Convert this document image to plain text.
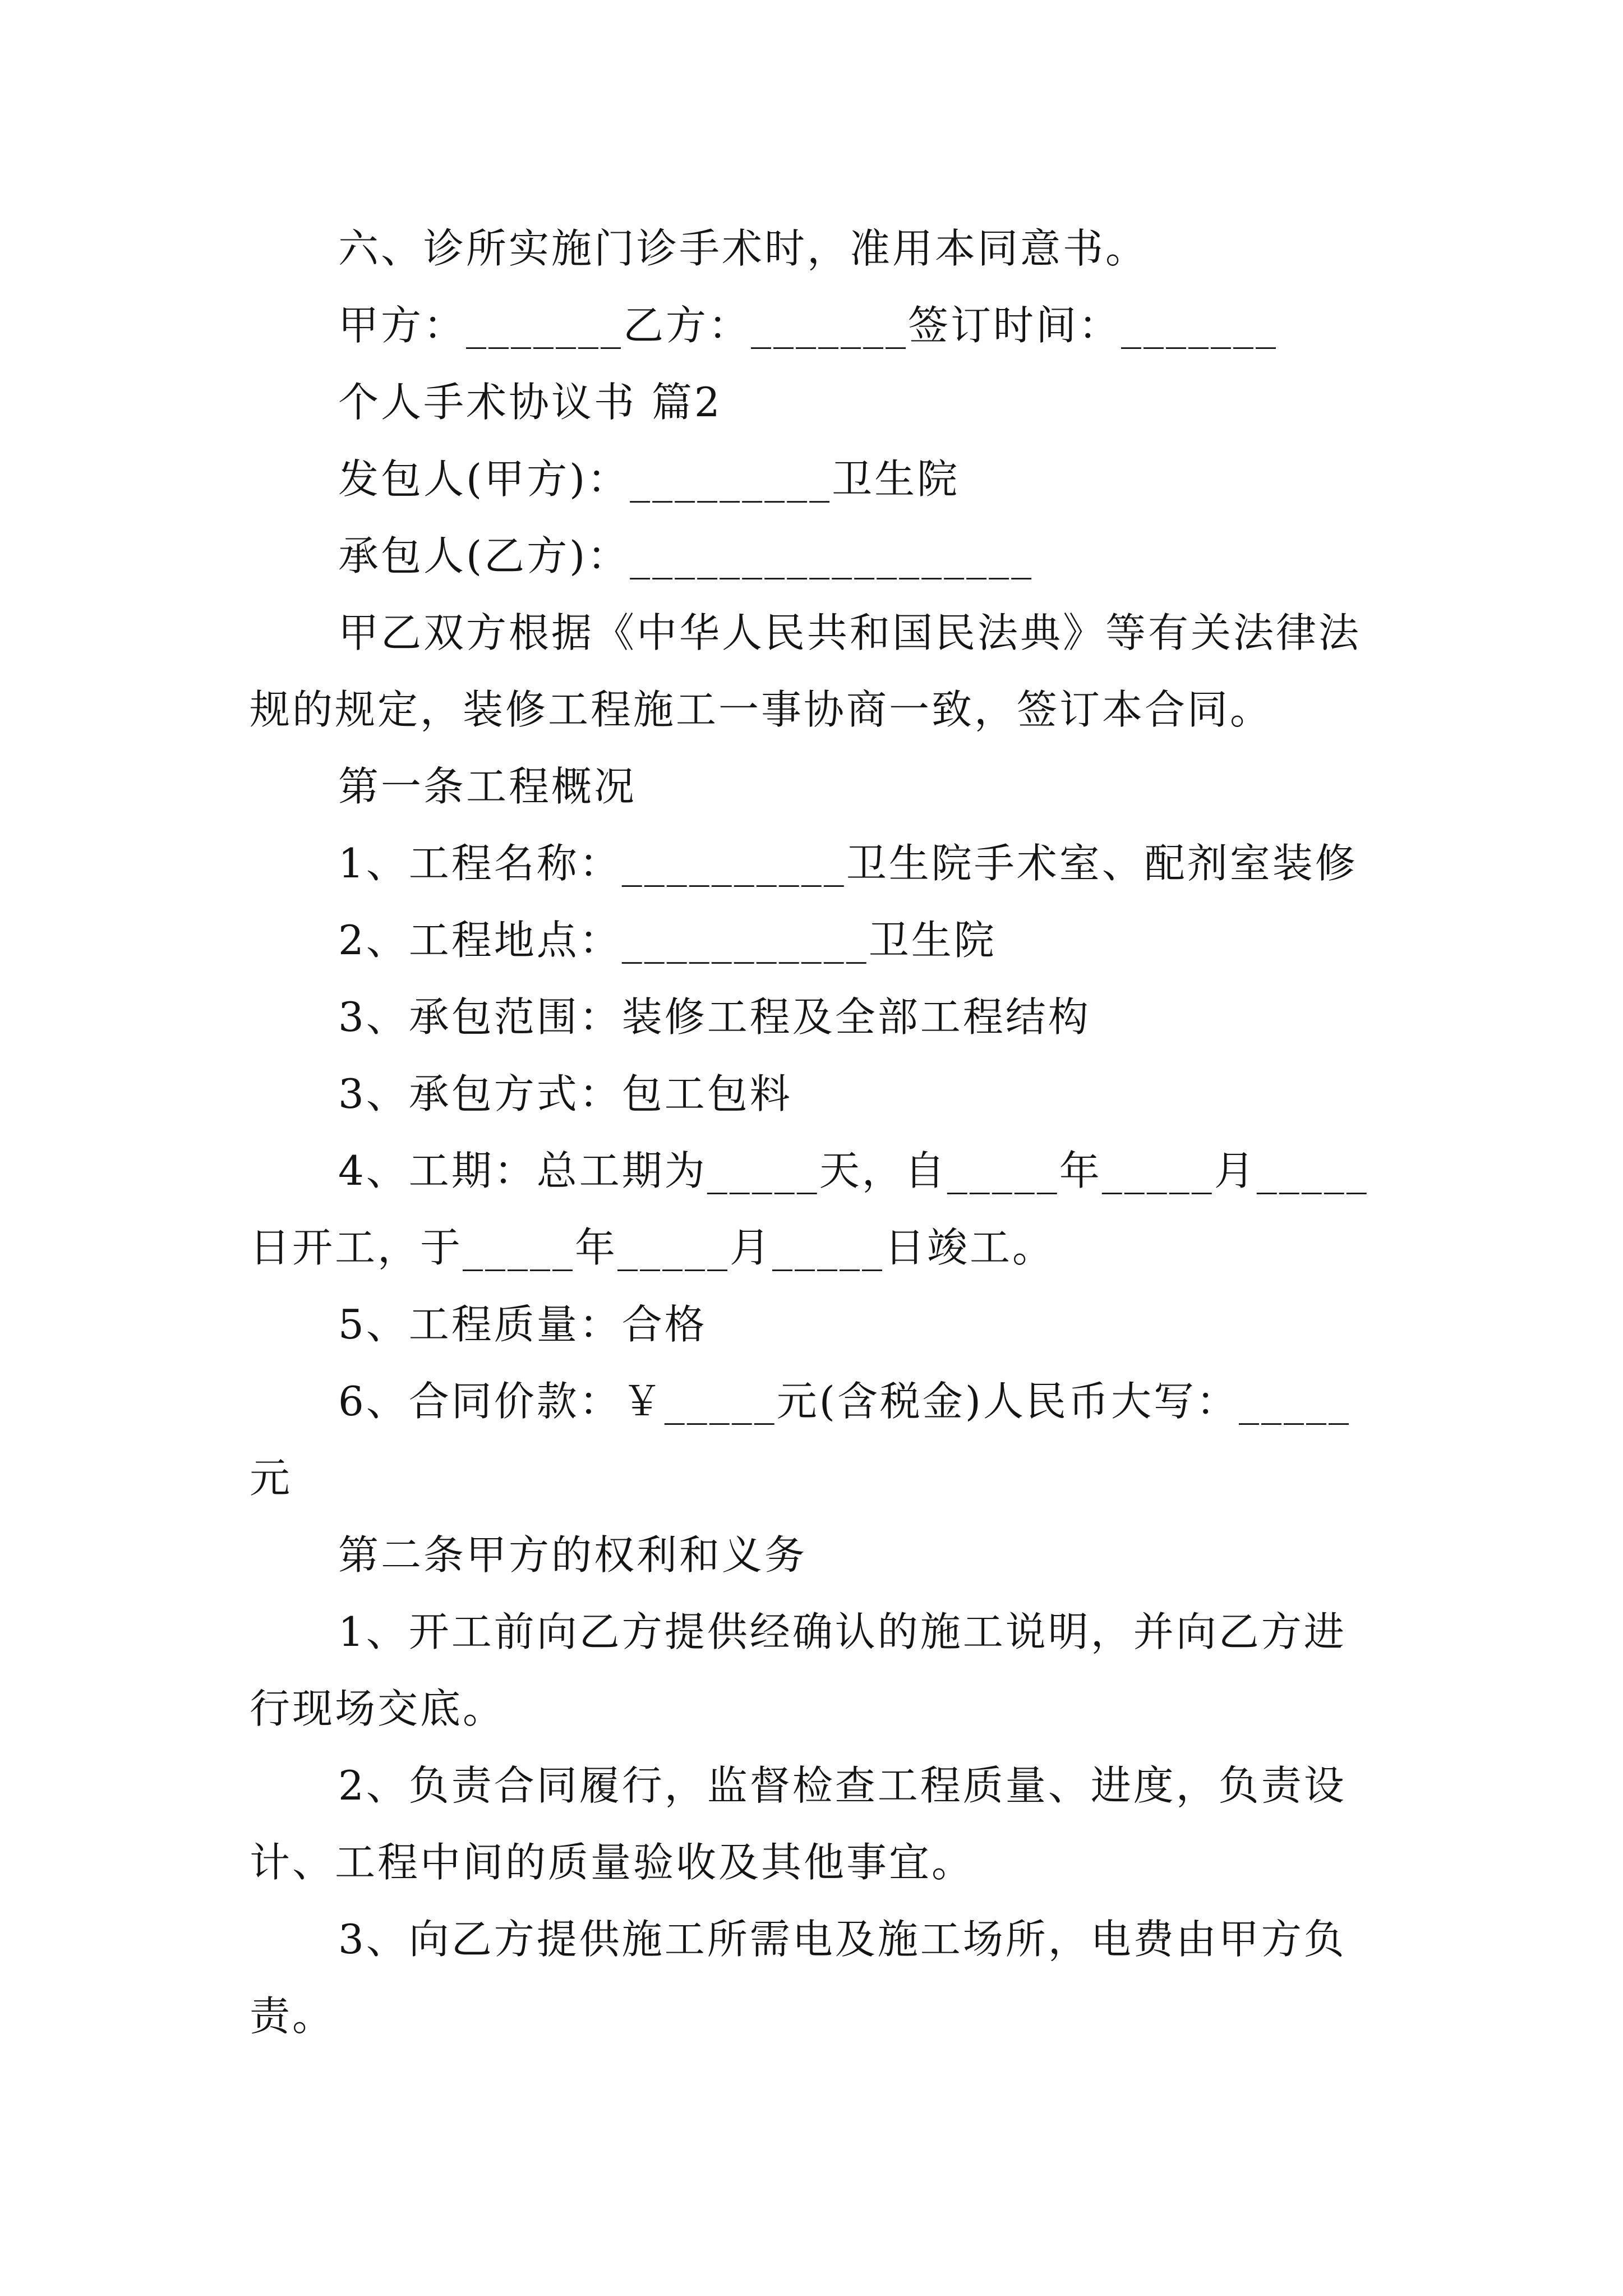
六、诊所实施门诊手术时，准用本同意书。

甲方：_______乙方：_______签订时间：_______

个人手术协议书 篇2

发包人(甲方)：_________卫生院

承包人(乙方)：__________________

甲乙双方根据《中华人民共和国民法典》等有关法律法规的规定，装修工程施工一事协商一致，签订本合同。

第一条工程概况

1、工程名称：__________卫生院手术室、配剂室装修

2、工程地点：___________卫生院

3、承包范围：装修工程及全部工程结构

3、承包方式：包工包料

4、工期：总工期为_____天，自_____年_____月_____日开工，于_____年_____月_____日竣工。

5、工程质量：合格

6、合同价款：￥_____元(含税金)人民币大写：_____元

第二条甲方的权利和义务

1、开工前向乙方提供经确认的施工说明，并向乙方进行现场交底。

2、负责合同履行，监督检查工程质量、进度，负责设计、工程中间的质量验收及其他事宜。

3、向乙方提供施工所需电及施工场所，电费由甲方负责。
